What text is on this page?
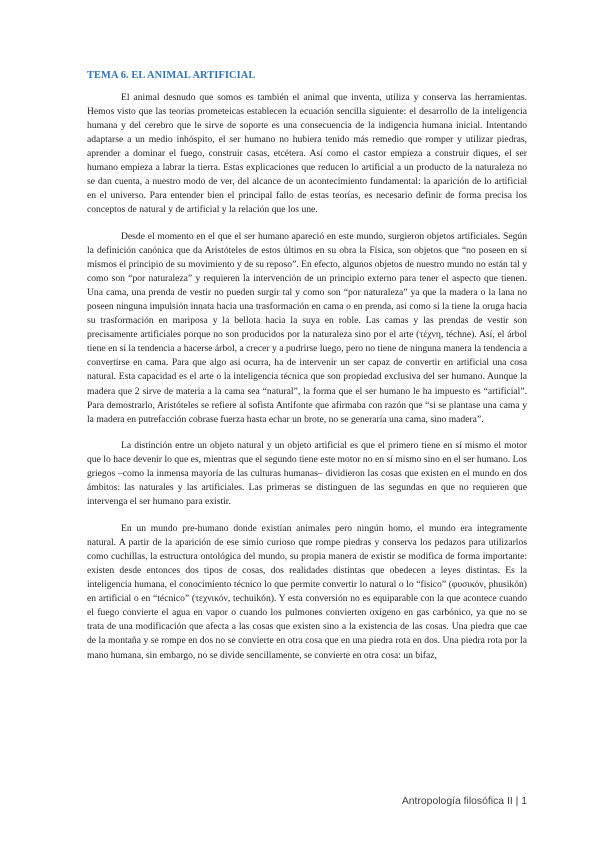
TEMA 6. EL ANIMAL ARTIFICIAL

El animal desnudo que somos es también el animal que inventa, utiliza y conserva las herramientas. Hemos visto que las teorías prometeicas establecen la ecuación sencilla siguiente: el desarrollo de la inteligencia humana y del cerebro que le sirve de soporte es una consecuencia de la indigencia humana inicial. Intentando adaptarse a un medio inhóspito, el ser humano no hubiera tenido más remedio que romper y utilizar piedras, aprender a dominar el fuego, construir casas, etcétera. Así como el castor empieza a construir diques, el ser humano empieza a labrar la tierra. Estas explicaciones que reducen lo artificial a un producto de la naturaleza no se dan cuenta, a nuestro modo de ver, del alcance de un acontecimiento fundamental: la aparición de lo artificial en el universo. Para entender bien el principal fallo de estas teorías, es necesario definir de forma precisa los conceptos de natural y de artificial y la relación que los une.

Desde el momento en el que el ser humano apareció en este mundo, surgieron objetos artificiales. Según la definición canónica que da Aristóteles de estos últimos en su obra la Física, son objetos que “no poseen en sí mismos el principio de su movimiento y de su reposo”. En efecto, algunos objetos de nuestro mundo no están tal y como son “por naturaleza” y requieren la intervención de un principio externo para tener el aspecto que tienen. Una cama, una prenda de vestir no pueden surgir tal y como son “por naturaleza” ya que la madera o la lana no poseen ninguna impulsión innata hacia una trasformación en cama o en prenda, así como sí la tiene la oruga hacia su trasformación en mariposa y la bellota hacia la suya en roble. Las camas y las prendas de vestir son precisamente artificiales porque no son producidos por la naturaleza sino por el arte (τέχνη, téchne). Así, el árbol tiene en sí la tendencia a hacerse árbol, a crecer y a pudrirse luego, pero no tiene de ninguna manera la tendencia a convertirse en cama. Para que algo así ocurra, ha de intervenir un ser capaz de convertir en artificial una cosa natural. Esta capacidad es el arte o la inteligencia técnica que son propiedad exclusiva del ser humano. Aunque la madera que 2 sirve de materia a la cama sea “natural”, la forma que el ser humano le ha impuesto es “artificial”. Para demostrarlo, Aristóteles se refiere al sofista Antifonte que afirmaba con razón que “si se plantase una cama y la madera en putrefacción cobrase fuerza hasta echar un brote, no se generaría una cama, sino madera”.

La distinción entre un objeto natural y un objeto artificial es que el primero tiene en sí mismo el motor que lo hace devenir lo que es, mientras que el segundo tiene este motor no en sí mismo sino en el ser humano. Los griegos –como la inmensa mayoría de las culturas humanas– dividieron las cosas que existen en el mundo en dos ámbitos: las naturales y las artificiales. Las primeras se distinguen de las segundas en que no requieren que intervenga el ser humano para existir.

En un mundo pre-humano donde existían animales pero ningún homo, el mundo era íntegramente natural. A partir de la aparición de ese simio curioso que rompe piedras y conserva los pedazos para utilizarlos como cuchillas, la estructura ontológica del mundo, su propia manera de existir se modifica de forma importante: existen desde entonces dos tipos de cosas, dos realidades distintas que obedecen a leyes distintas. Es la inteligencia humana, el conocimiento técnico lo que permite convertir lo natural o lo “físico” (φυσικόν, phusikón) en artificial o en “técnico” (τεχνικόν, techuikón). Y esta conversión no es equiparable con la que acontece cuando el fuego convierte el agua en vapor o cuando los pulmones convierten oxígeno en gas carbónico, ya que no se trata de una modificación que afecta a las cosas que existen sino a la existencia de las cosas. Una piedra que cae de la montaña y se rompe en dos no se convierte en otra cosa que en una piedra rota en dos. Una piedra rota por la mano humana, sin embargo, no se divide sencillamente, se convierte en otra cosa: un bifaz,

Antropología filosófica II | 1
